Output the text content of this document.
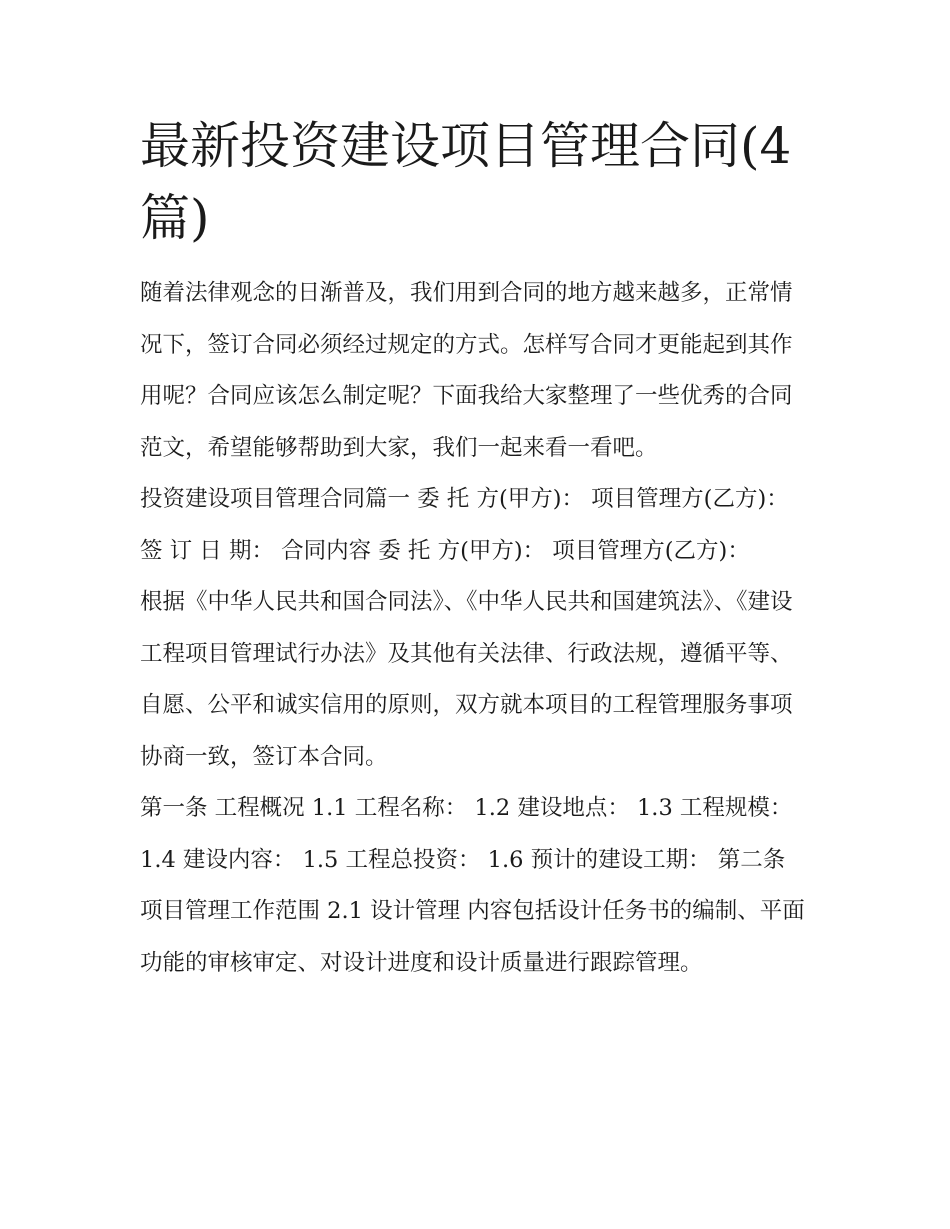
最新投资建设项目管理合同(4篇)

随着法律观念的日渐普及，我们用到合同的地方越来越多，正常情况下，签订合同必须经过规定的方式。怎样写合同才更能起到其作用呢？合同应该怎么制定呢？下面我给大家整理了一些优秀的合同范文，希望能够帮助到大家，我们一起来看一看吧。

投资建设项目管理合同篇一 委 托 方(甲方)： 项目管理方(乙方)： 签 订 日 期： 合同内容 委 托 方(甲方)： 项目管理方(乙方)：

根据《中华人民共和国合同法》、《中华人民共和国建筑法》、《建设工程项目管理试行办法》及其他有关法律、行政法规，遵循平等、自愿、公平和诚实信用的原则，双方就本项目的工程管理服务事项协商一致，签订本合同。

第一条 工程概况 1.1 工程名称： 1.2 建设地点： 1.3 工程规模： 1.4 建设内容： 1.5 工程总投资： 1.6 预计的建设工期： 第二条 项目管理工作范围 2.1 设计管理 内容包括设计任务书的编制、平面功能的审核审定、对设计进度和设计质量进行跟踪管理。
